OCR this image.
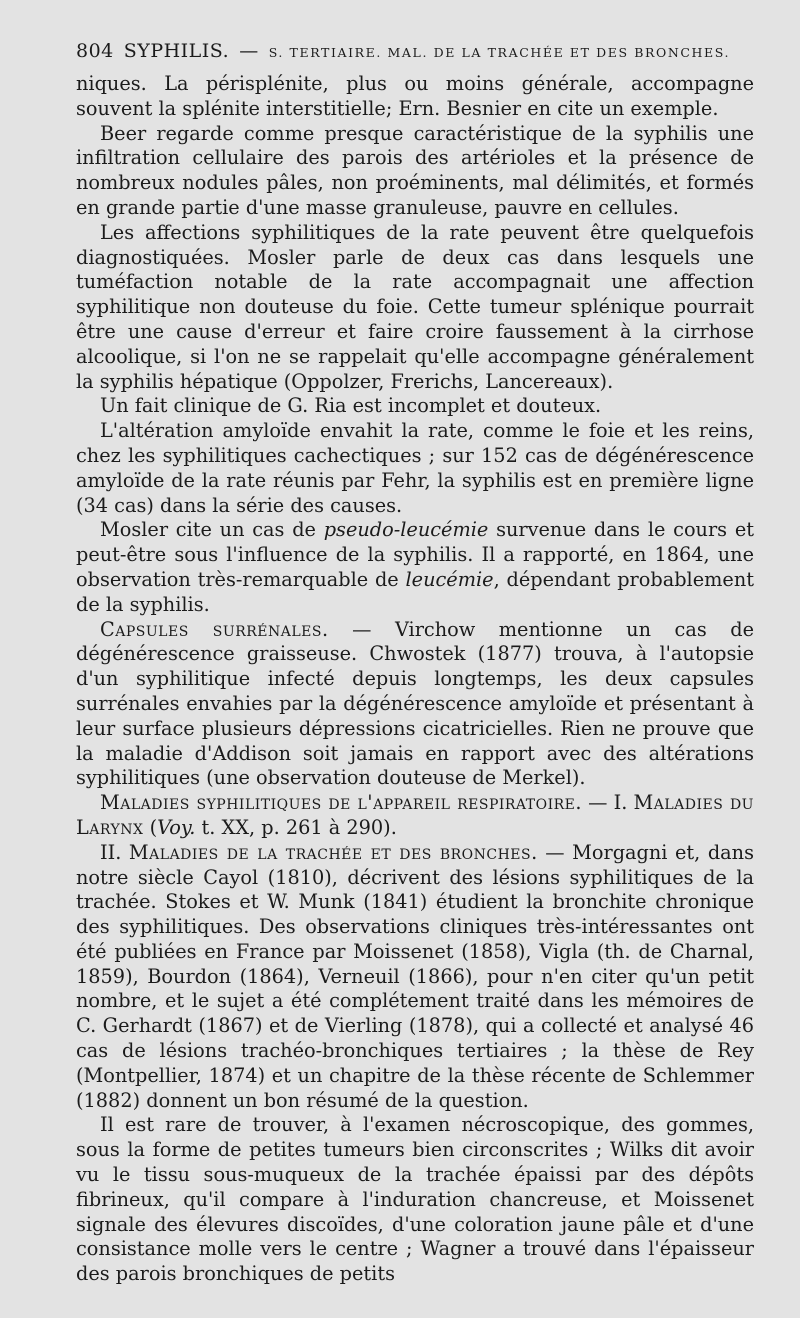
804 SYPHILIS. — S. TERTIAIRE. MAL. DE LA TRACHÉE ET DES BRONCHES.

niques. La périsplénite, plus ou moins générale, accompagne souvent la splénite interstitielle; Ern. Besnier en cite un exemple.

Beer regarde comme presque caractéristique de la syphilis une infiltration cellulaire des parois des artérioles et la présence de nombreux nodules pâles, non proéminents, mal délimités, et formés en grande partie d'une masse granuleuse, pauvre en cellules.

Les affections syphilitiques de la rate peuvent être quelquefois diagnostiquées. Mosler parle de deux cas dans lesquels une tuméfaction notable de la rate accompagnait une affection syphilitique non douteuse du foie. Cette tumeur splénique pourrait être une cause d'erreur et faire croire faussement à la cirrhose alcoolique, si l'on ne se rappelait qu'elle accompagne généralement la syphilis hépatique (Oppolzer, Frerichs, Lancereaux).

Un fait clinique de G. Ria est incomplet et douteux.

L'altération amyloïde envahit la rate, comme le foie et les reins, chez les syphilitiques cachectiques ; sur 152 cas de dégénérescence amyloïde de la rate réunis par Fehr, la syphilis est en première ligne (34 cas) dans la série des causes.

Mosler cite un cas de pseudo-leucémie survenue dans le cours et peut-être sous l'influence de la syphilis. Il a rapporté, en 1864, une observation très-remarquable de leucémie, dépendant probablement de la syphilis.

Capsules surrénales. — Virchow mentionne un cas de dégénérescence graisseuse. Chwostek (1877) trouva, à l'autopsie d'un syphilitique infecté depuis longtemps, les deux capsules surrénales envahies par la dégénérescence amyloïde et présentant à leur surface plusieurs dépressions cicatricielles. Rien ne prouve que la maladie d'Addison soit jamais en rapport avec des altérations syphilitiques (une observation douteuse de Merkel).

Maladies syphilitiques de l'appareil respiratoire. — I. Maladies du Larynx (Voy. t. XX, p. 261 à 290).

II. Maladies de la trachée et des bronches. — Morgagni et, dans notre siècle Cayol (1810), décrivent des lésions syphilitiques de la trachée. Stokes et W. Munk (1841) étudient la bronchite chronique des syphilitiques. Des observations cliniques très-intéressantes ont été publiées en France par Moissenet (1858), Vigla (th. de Charnal, 1859), Bourdon (1864), Verneuil (1866), pour n'en citer qu'un petit nombre, et le sujet a été complétement traité dans les mémoires de C. Gerhardt (1867) et de Vierling (1878), qui a collecté et analysé 46 cas de lésions trachéo-bronchiques tertiaires ; la thèse de Rey (Montpellier, 1874) et un chapitre de la thèse récente de Schlemmer (1882) donnent un bon résumé de la question.

Il est rare de trouver, à l'examen nécroscopique, des gommes, sous la forme de petites tumeurs bien circonscrites ; Wilks dit avoir vu le tissu sous-muqueux de la trachée épaissi par des dépôts fibrineux, qu'il compare à l'induration chancreuse, et Moissenet signale des élevures discoïdes, d'une coloration jaune pâle et d'une consistance molle vers le centre ; Wagner a trouvé dans l'épaisseur des parois bronchiques de petits
